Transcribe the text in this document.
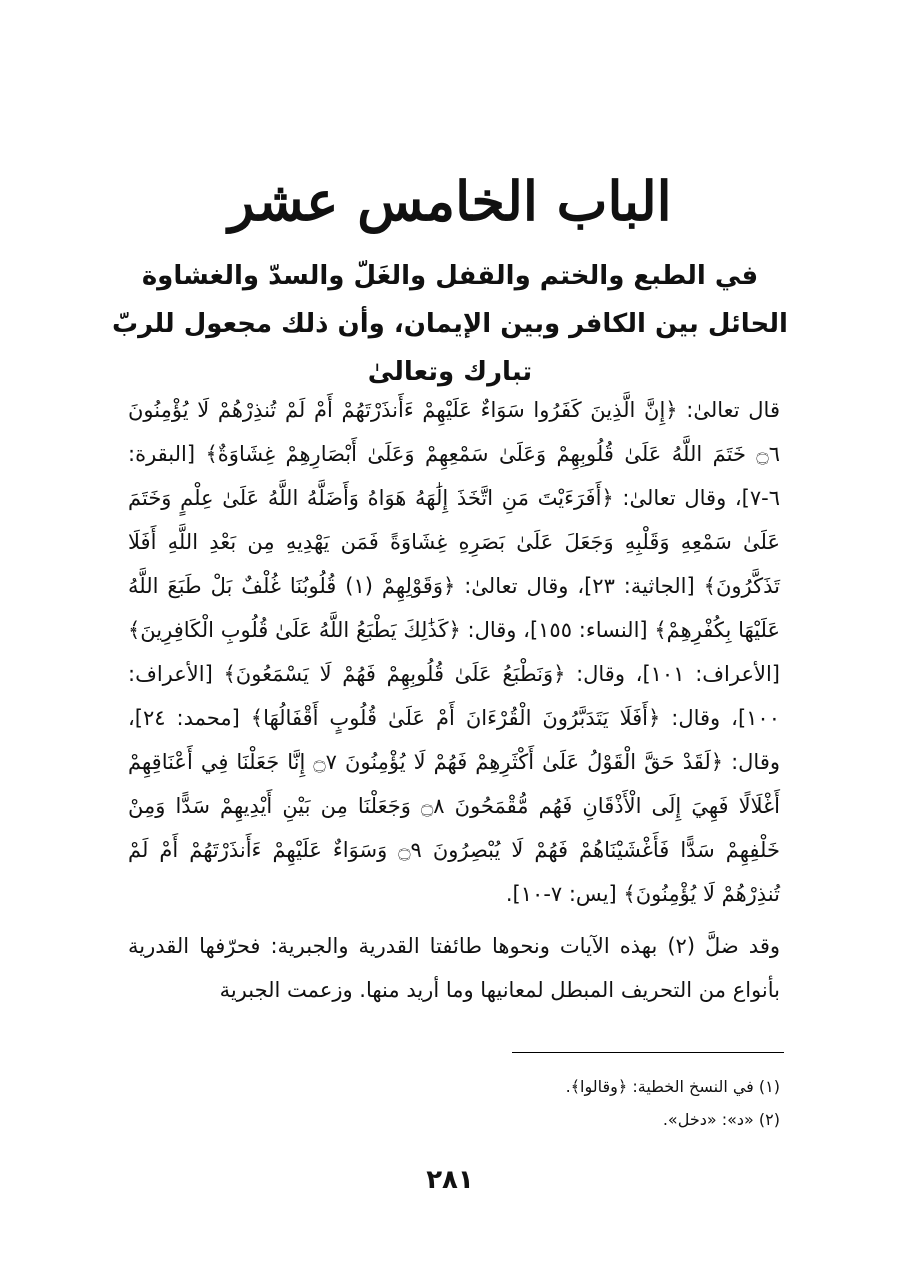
الباب الخامس عشر
في الطبع والختم والقفل والغَلّ والسدّ والغشاوة الحائل بين الكافر وبين الإيمان، وأن ذلك مجعول للربّ تبارك وتعالىٰ
قال تعالىٰ: ﴿إِنَّ الَّذِينَ كَفَرُوا سَوَاءٌ عَلَيْهِمْ ءَأَنذَرْتَهُمْ أَمْ لَمْ تُنذِرْهُمْ لَا يُؤْمِنُونَ ۝٦ خَتَمَ اللَّهُ عَلَىٰ قُلُوبِهِمْ وَعَلَىٰ سَمْعِهِمْ وَعَلَىٰ أَبْصَارِهِمْ غِشَاوَةٌ﴾ [البقرة: ٦-٧]، وقال تعالىٰ: ﴿أَفَرَءَيْتَ مَنِ اتَّخَذَ إِلَٰهَهُ هَوَاهُ وَأَضَلَّهُ اللَّهُ عَلَىٰ عِلْمٍ وَخَتَمَ عَلَىٰ سَمْعِهِ وَقَلْبِهِ وَجَعَلَ عَلَىٰ بَصَرِهِ غِشَاوَةً فَمَن يَهْدِيهِ مِن بَعْدِ اللَّهِ أَفَلَا تَذَكَّرُونَ﴾ [الجاثية: ٢٣]، وقال تعالىٰ: ﴿وَقَوْلِهِمْ (١) قُلُوبُنَا غُلْفٌ بَلْ طَبَعَ اللَّهُ عَلَيْهَا بِكُفْرِهِمْ﴾ [النساء: ١٥٥]، وقال: ﴿كَذَٰلِكَ يَطْبَعُ اللَّهُ عَلَىٰ قُلُوبِ الْكَافِرِينَ﴾ [الأعراف: ١٠١]، وقال: ﴿وَنَطْبَعُ عَلَىٰ قُلُوبِهِمْ فَهُمْ لَا يَسْمَعُونَ﴾ [الأعراف: ١٠٠]، وقال: ﴿أَفَلَا يَتَدَبَّرُونَ الْقُرْءَانَ أَمْ عَلَىٰ قُلُوبٍ أَقْفَالُهَا﴾ [محمد: ٢٤]، وقال: ﴿لَقَدْ حَقَّ الْقَوْلُ عَلَىٰ أَكْثَرِهِمْ فَهُمْ لَا يُؤْمِنُونَ ۝٧ إِنَّا جَعَلْنَا فِي أَعْنَاقِهِمْ أَغْلَالًا فَهِيَ إِلَى الْأَذْقَانِ فَهُم مُّقْمَحُونَ ۝٨ وَجَعَلْنَا مِن بَيْنِ أَيْدِيهِمْ سَدًّا وَمِنْ خَلْفِهِمْ سَدًّا فَأَغْشَيْنَاهُمْ فَهُمْ لَا يُبْصِرُونَ ۝٩ وَسَوَاءٌ عَلَيْهِمْ ءَأَنذَرْتَهُمْ أَمْ لَمْ تُنذِرْهُمْ لَا يُؤْمِنُونَ﴾ [يس: ٧-١٠].
وقد ضلَّ (٢) بهذه الآيات ونحوها طائفتا القدرية والجبرية: فحرّفها القدرية بأنواع من التحريف المبطل لمعانيها وما أريد منها. وزعمت الجبرية
(١) في النسخ الخطية: ﴿وقالوا﴾.
(٢) «د»: «دخل».
٢٨١
